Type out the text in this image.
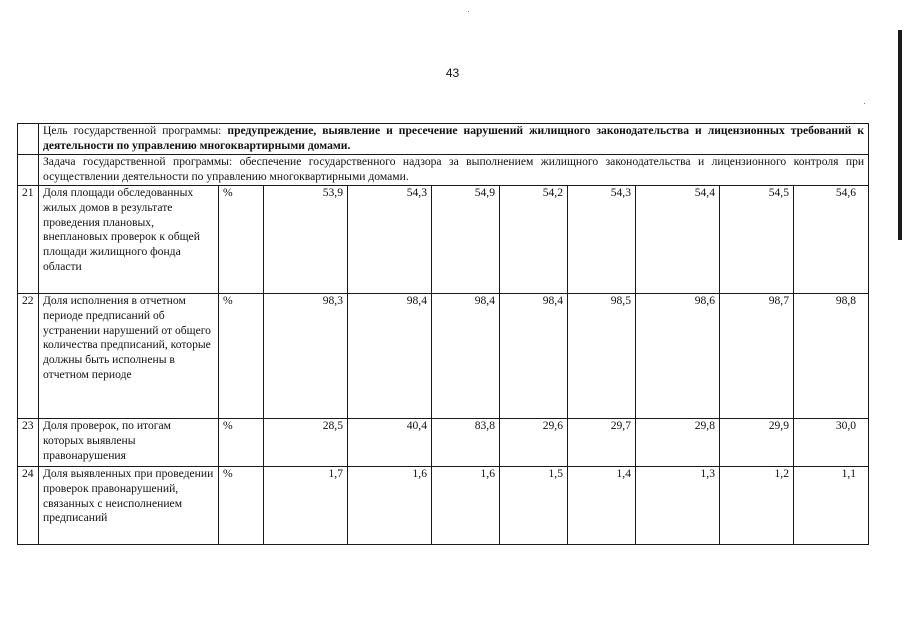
43
	Цель государственной программы: предупреждение, выявление и пресечение нарушений жилищного законодательства и лицензионных требований к деятельности по управлению многоквартирными домами.									
	Задача государственной программы: обеспечение государственного надзора за выполнением жилищного законодательства и лицензионного контроля при осуществлении деятельности по управлению многоквартирными домами.									
21	Доля площади обследованных жилых домов в результате проведения плановых, внеплановых проверок к общей площади жилищного фонда области	%	53,9	54,3	54,9	54,2	54,3	54,4	54,5	54,6
22	Доля исполнения в отчетном периоде предписаний об устранении нарушений от общего количества предписаний, которые должны быть исполнены в отчетном периоде	%	98,3	98,4	98,4	98,4	98,5	98,6	98,7	98,8
23	Доля проверок, по итогам которых выявлены правонарушения	%	28,5	40,4	83,8	29,6	29,7	29,8	29,9	30,0
24	Доля выявленных при проведении проверок правонарушений, связанных с неисполнением предписаний	%	1,7	1,6	1,6	1,5	1,4	1,3	1,2	1,1
